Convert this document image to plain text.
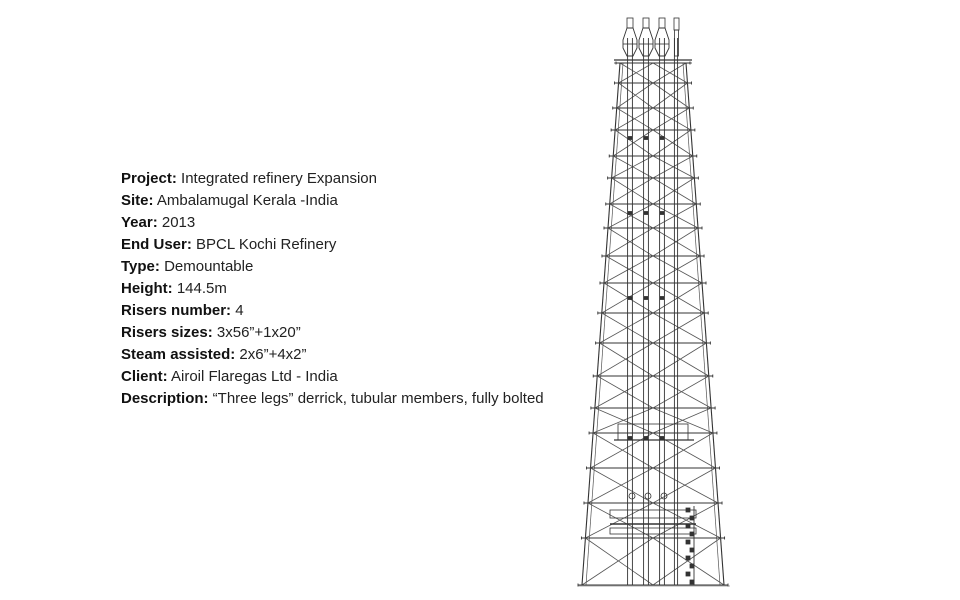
Project: Integrated refinery Expansion
Site: Ambalamugal Kerala -India
Year: 2013
End User: BPCL Kochi Refinery
Type: Demountable
Height: 144.5m
Risers number: 4
Risers sizes: 3x56”+1x20”
Steam assisted: 2x6”+4x2”
Client: Airoil Flaregas Ltd - India
Description: “Three legs” derrick, tubular members, fully bolted
